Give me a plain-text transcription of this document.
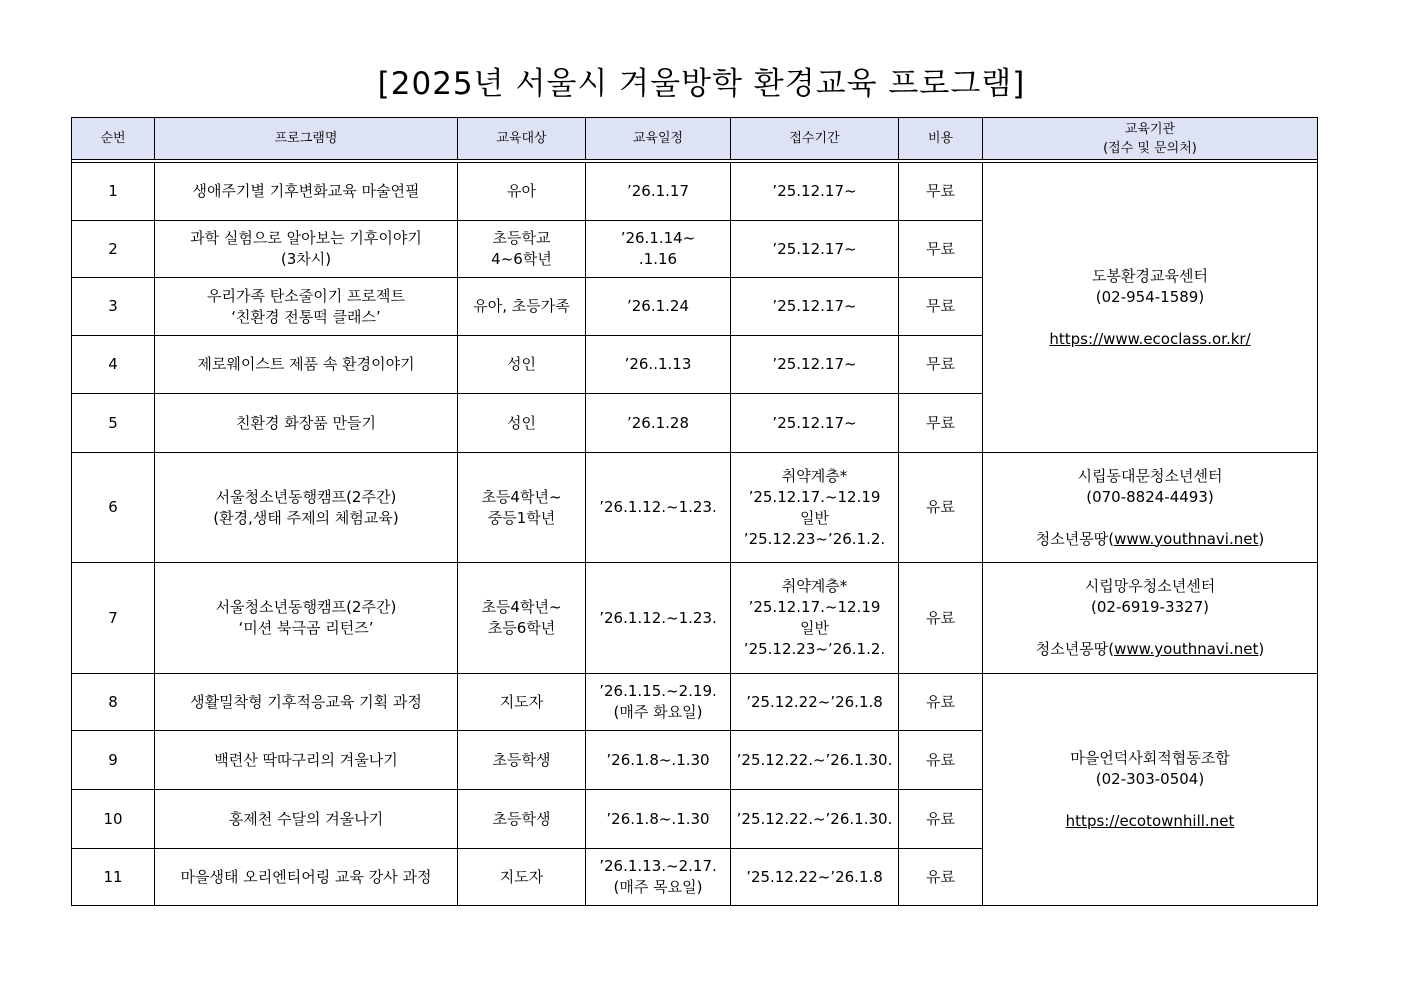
[2025년 서울시 겨울방학 환경교육 프로그램]
순번	프로그램명	교육대상	교육일정	접수기간	비용	교육기관
(접수 및 문의처)

1	생애주기별 기후변화교육 마술연필	유아	’26.1.17	’25.12.17~	무료	도봉환경교육센터
(02-954-1589)
https://www.ecoclass.or.kr/
2	과학 실험으로 알아보는 기후이야기
(3차시)	초등학교
4~6학년	’26.1.14~
.1.16	’25.12.17~	무료	
3	우리가족 탄소줄이기 프로젝트
‘친환경 전통떡 클래스’	유아, 초등가족	’26.1.24	’25.12.17~	무료	
4	제로웨이스트 제품 속 환경이야기	성인	’26..1.13	’25.12.17~	무료	
5	친환경 화장품 만들기	성인	’26.1.28	’25.12.17~	무료	
6	서울청소년동행캠프(2주간)
(환경,생태 주제의 체험교육)	초등4학년~
중등1학년	’26.1.12.~1.23.	취약계층*
’25.12.17.~12.19
일반
’25.12.23~’26.1.2.	유료	시립동대문청소년센터
(070-8824-4493)
청소년몽땅(www.youthnavi.net)
7	서울청소년동행캠프(2주간)
‘미션 북극곰 리턴즈’	초등4학년~
초등6학년	’26.1.12.~1.23.	취약계층*
’25.12.17.~12.19
일반
’25.12.23~’26.1.2.	유료	시립망우청소년센터
(02-6919-3327)
청소년몽땅(www.youthnavi.net)
8	생활밀착형 기후적응교육 기획 과정	지도자	’26.1.15.~2.19.
(매주 화요일)	’25.12.22~’26.1.8	유료	마을언덕사회적협동조합
(02-303-0504)
https://ecotownhill.net
9	백련산 딱따구리의 겨울나기	초등학생	’26.1.8~.1.30	’25.12.22.~’26.1.30.	유료	
10	홍제천 수달의 겨울나기	초등학생	’26.1.8~.1.30	’25.12.22.~’26.1.30.	유료	
11	마을생태 오리엔티어링 교육 강사 과정	지도자	’26.1.13.~2.17.
(매주 목요일)	’25.12.22~’26.1.8	유료	
